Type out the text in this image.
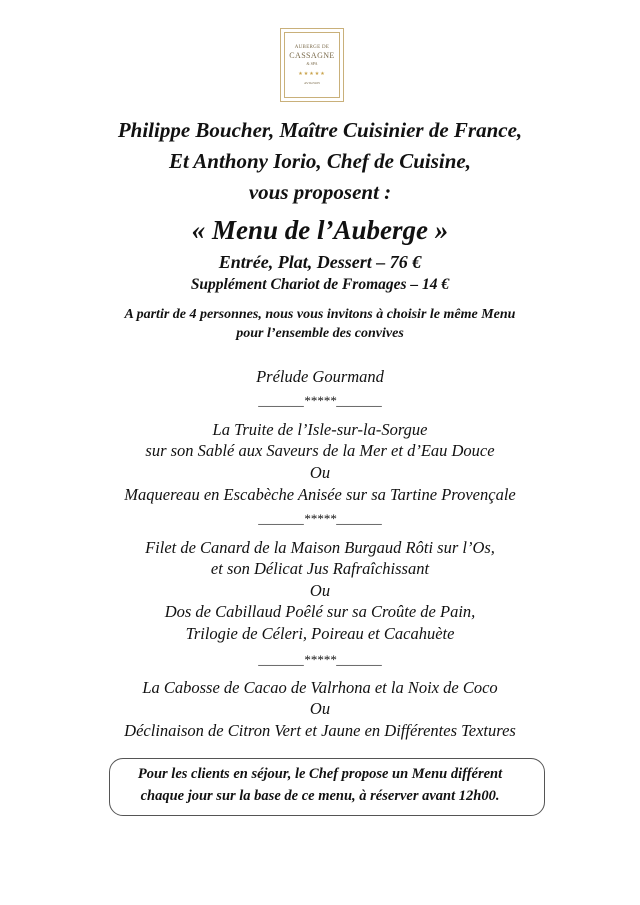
AUBERGE DE
CASSAGNE
& SPA
★★★★★
AVIGNON
Philippe Boucher, Maître Cuisinier de France,
Et Anthony Iorio, Chef de Cuisine,
vous proposent :
« Menu de l’Auberge »
Entrée, Plat, Dessert – 76 €
Supplément Chariot de Fromages – 14 €
A partir de 4 personnes, nous vous invitons à choisir le même Menu
pour l’ensemble des convives
Prélude Gourmand
_______*****_______
La Truite de l’Isle-sur-la-Sorgue
sur son Sablé aux Saveurs de la Mer et d’Eau Douce
Ou
Maquereau en Escabèche Anisée sur sa Tartine Provençale
_______*****_______
Filet de Canard de la Maison Burgaud Rôti sur l’Os,
et son Délicat Jus Rafraîchissant
Ou
Dos de Cabillaud Poêlé sur sa Croûte de Pain,
Trilogie de Céleri, Poireau et Cacahuète
_______*****_______
La Cabosse de Cacao de Valrhona et la Noix de Coco
Ou
Déclinaison de Citron Vert et Jaune en Différentes Textures
Pour les clients en séjour, le Chef propose un Menu différent
chaque jour sur la base de ce menu, à réserver avant 12h00.
